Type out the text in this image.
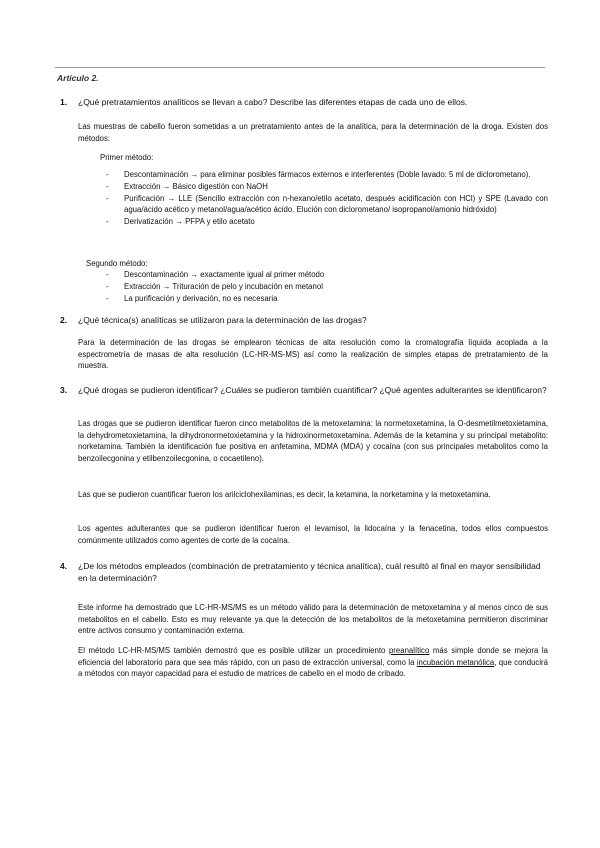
Artículo 2.
1.	¿Qué pretratamientos analíticos se llevan a cabo? Describe las diferentes etapas de cada uno de ellos.

Las muestras de cabello fueron sometidas a un pretratamiento antes de la analítica, para la determinación de la droga. Existen dos métodos:

Primer método:

-	Descontaminación → para eliminar posibles fármacos externos e interferentes (Doble lavado: 5 ml de diclorometano).
-	Extracción → Básico digestión con NaOH
-	Purificación → LLE (Sencillo extracción con n-hexano/etilo acetato, después acidificación con HCl) y SPE (Lavado con agua/ácido acético y metanol/agua/acético ácido. Elución con diclorometano/ isopropanol/amonio hidróxido)
-	Derivatización → PFPA y etilo acetato

Segundo método:

-	Descontaminación → exactamente igual al primer método
-	Extracción → Trituración de pelo y incubación en metanol
-	La purificación y derivación, no es necesaria
2.	¿Qué técnica(s) analíticas se utilizaron para la determinación de las drogas?

Para la determinación de las drogas se emplearon técnicas de alta resolución como la cromatografía líquida acoplada a la espectrometría de masas de alta resolución (LC-HR-MS-MS) así como la realización de simples etapas de pretratamiento de la muestra.

3.	¿Qué drogas se pudieron identificar? ¿Cuáles se pudieron también cuantificar? ¿Qué agentes adulterantes se identificaron?

Las drogas que se pudieron identificar fueron cinco metabolitos de la metoxetamina: la normetoxetamina, la O-desmetilmetoxietamina, la dehydrometoxietamina, la dihydronormetoxietamina y la hidroxinormetoxetamina. Además de la ketamina y su principal metabolito: norketamina. También la identificación fue positiva en anfetamina, MDMA (MDA) y cocaína (con sus principales metabolitos como la benzoilecgonina y etilbenzoilecgonina, o cocaetileno).

Las que se pudieron cuantificar fueron los arilciclohexilaminas, es decir, la ketamina, la norketamina y la metoxetamina.

Los agentes adulterantes que se pudieron identificar fueron el levamisol, la lidocaína y la fenacetina, todos ellos compuestos comúnmente utilizados como agentes de corte de la cocaína.

4.	¿De los métodos empleados (combinación de pretratamiento y técnica analítica), cuál resultó al final en mayor sensibilidad en la determinación?

Este informe ha demostrado que LC-HR-MS/MS es un método válido para la determinación de metoxetamina y al menos cinco de sus metabolitos en el cabello. Esto es muy relevante ya que la detección de los metabolitos de la metoxetamina permitieron discriminar entre activos consumo y contaminación externa.

El método LC-HR-MS/MS también demostró que es posible utilizar un procedimiento preanalítico más simple donde se mejora la eficiencia del laboratorio para que sea más rápido, con un paso de extracción universal, como la incubación metanólica, que conducirá a métodos con mayor capacidad para el estudio de matrices de cabello en el modo de cribado.
